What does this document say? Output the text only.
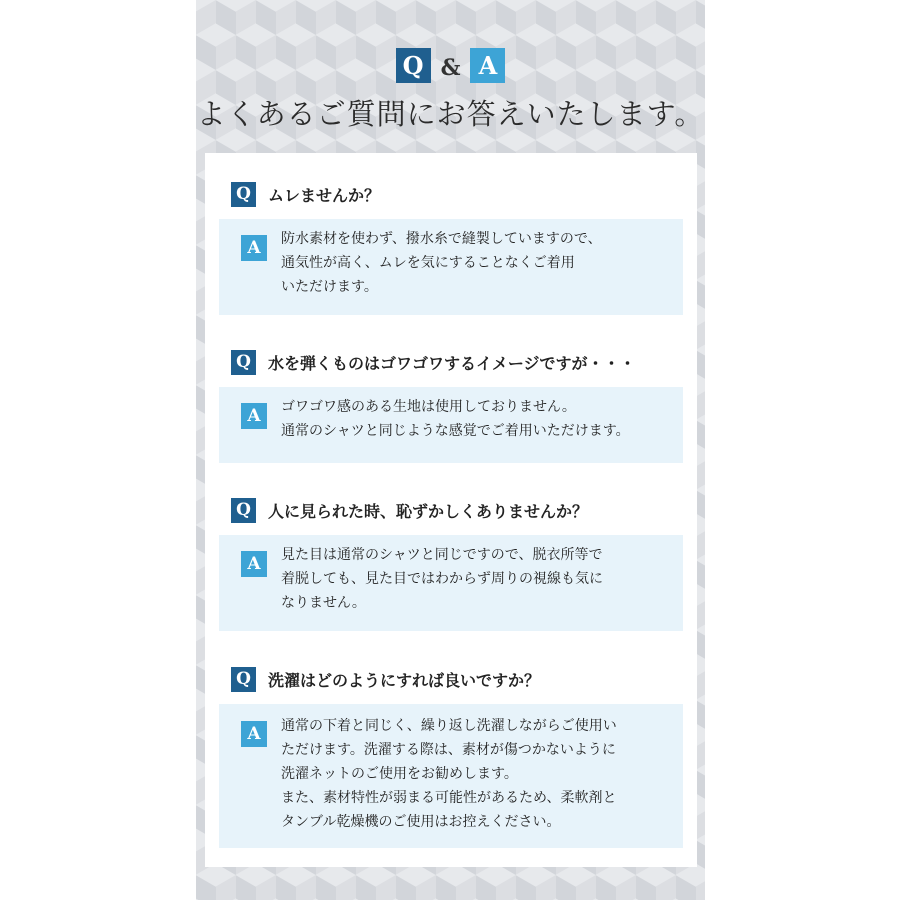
Q & A
よくあるご質問にお答えいたします。
Q	ムレませんか？
A	防水素材を使わず、撥水糸で縫製していますので、
通気性が高く、ムレを気にすることなくご着用
いただけます。
Q	水を弾くものはゴワゴワするイメージですが・・・
A	ゴワゴワ感のある生地は使用しておりません。
通常のシャツと同じような感覚でご着用いただけます。
Q	人に見られた時、恥ずかしくありませんか？
A	見た目は通常のシャツと同じですので、脱衣所等で
着脱しても、見た目ではわからず周りの視線も気に
なりません。
Q	洗濯はどのようにすれば良いですか？
A	通常の下着と同じく、繰り返し洗濯しながらご使用い
ただけます。洗濯する際は、素材が傷つかないように
洗濯ネットのご使用をお勧めします。
また、素材特性が弱まる可能性があるため、柔軟剤と
タンブル乾燥機のご使用はお控えください。
